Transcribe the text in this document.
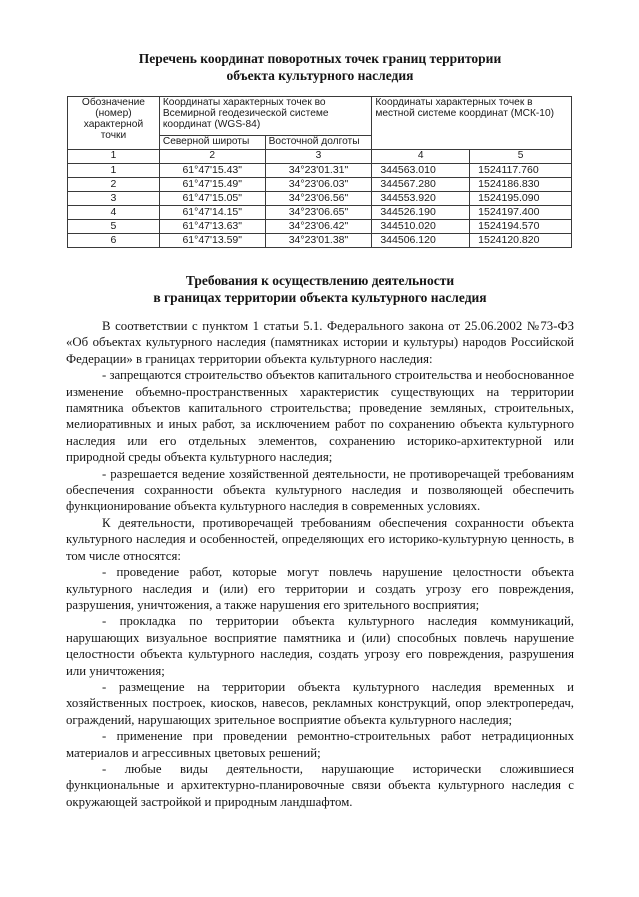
Перечень координат поворотных точек границ территории
объекта культурного наследия
Обозначение (номер) характерной точки	Координаты характерных точек во Всемирной геодезической системе координат (WGS-84)		Координаты характерных точек в местной системе координат (МСК-10)	
	Северной широты	Восточной долготы		
1	2	3	4	5
1	61°47'15.43"	34°23'01.31"	344563.010	1524117.760
2	61°47'15.49"	34°23'06.03"	344567.280	1524186.830
3	61°47'15.05"	34°23'06.56"	344553.920	1524195.090
4	61°47'14.15"	34°23'06.65"	344526.190	1524197.400
5	61°47'13.63"	34°23'06.42"	344510.020	1524194.570
6	61°47'13.59"	34°23'01.38"	344506.120	1524120.820
Требования к осуществлению деятельности
в границах территории объекта культурного наследия

В соответствии с пунктом 1 статьи 5.1. Федерального закона от 25.06.2002 №73-ФЗ «Об объектах культурного наследия (памятниках истории и культуры) народов Российской Федерации» в границах территории объекта культурного наследия:

- запрещаются строительство объектов капитального строительства и необоснованное изменение объемно-пространственных характеристик существующих на территории памятника объектов капитального строительства; проведение земляных, строительных, мелиоративных и иных работ, за исключением работ по сохранению объекта культурного наследия или его отдельных элементов, сохранению историко-архитектурной или природной среды объекта культурного наследия;

- разрешается ведение хозяйственной деятельности, не противоречащей требованиям обеспечения сохранности объекта культурного наследия и позволяющей обеспечить функционирование объекта культурного наследия в современных условиях.

К деятельности, противоречащей требованиям обеспечения сохранности объекта культурного наследия и особенностей, определяющих его историко-культурную ценность, в том числе относятся:

- проведение работ, которые могут повлечь нарушение целостности объекта культурного наследия и (или) его территории и создать угрозу его повреждения, разрушения, уничтожения, а также нарушения его зрительного восприятия;

- прокладка по территории объекта культурного наследия коммуникаций, нарушающих визуальное восприятие памятника и (или) способных повлечь нарушение целостности объекта культурного наследия, создать угрозу его повреждения, разрушения или уничтожения;

- размещение на территории объекта культурного наследия временных и хозяйственных построек, киосков, навесов, рекламных конструкций, опор электропередач, ограждений, нарушающих зрительное восприятие объекта культурного наследия;

- применение при проведении ремонтно-строительных работ нетрадиционных материалов и агрессивных цветовых решений;

- любые виды деятельности, нарушающие исторически сложившиеся функциональные и архитектурно-планировочные связи объекта культурного наследия с окружающей застройкой и природным ландшафтом.
